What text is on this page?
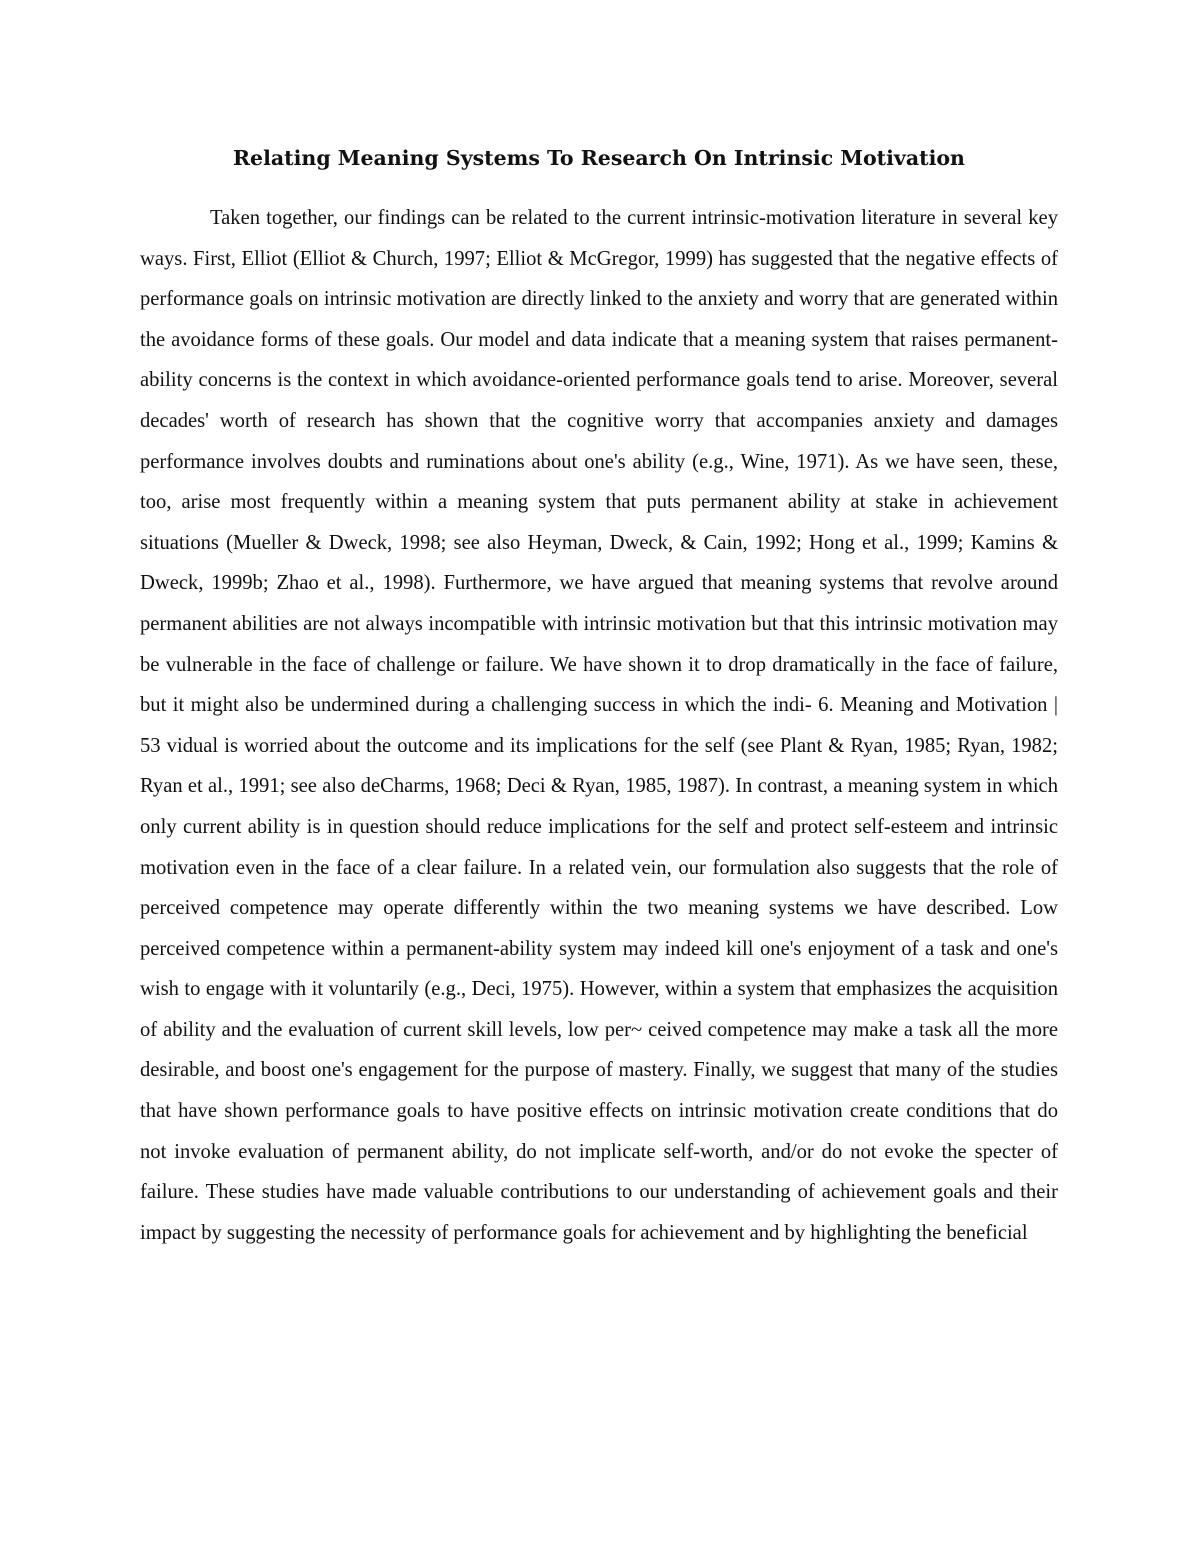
Relating Meaning Systems To Research On Intrinsic Motivation

Taken together, our findings can be related to the current intrinsic-motivation literature in several key ways. First, Elliot (Elliot & Church, 1997; Elliot & McGregor, 1999) has suggested that the negative effects of performance goals on intrinsic motivation are directly linked to the anxiety and worry that are generated within the avoidance forms of these goals. Our model and data indicate that a meaning system that raises permanent-ability concerns is the context in which avoidance-oriented performance goals tend to arise. Moreover, several decades' worth of research has shown that the cognitive worry that accompanies anxiety and damages performance involves doubts and ruminations about one's ability (e.g., Wine, 1971). As we have seen, these, too, arise most frequently within a meaning system that puts permanent ability at stake in achievement situations (Mueller & Dweck, 1998; see also Heyman, Dweck, & Cain, 1992; Hong et al., 1999; Kamins & Dweck, 1999b; Zhao et al., 1998). Furthermore, we have argued that meaning systems that revolve around permanent abilities are not always incompatible with intrinsic motivation but that this intrinsic motivation may be vulnerable in the face of challenge or failure. We have shown it to drop dramatically in the face of failure, but it might also be undermined during a challenging success in which the indi- 6. Meaning and Motivation | 53 vidual is worried about the outcome and its implications for the self (see Plant & Ryan, 1985; Ryan, 1982; Ryan et al., 1991; see also deCharms, 1968; Deci & Ryan, 1985, 1987). In contrast, a meaning system in which only current ability is in question should reduce implications for the self and protect self-esteem and intrinsic motivation even in the face of a clear failure. In a related vein, our formulation also suggests that the role of perceived competence may operate differently within the two meaning systems we have described. Low perceived competence within a permanent-ability system may indeed kill one's enjoyment of a task and one's wish to engage with it voluntarily (e.g., Deci, 1975). However, within a system that emphasizes the acquisition of ability and the evaluation of current skill levels, low per~ ceived competence may make a task all the more desirable, and boost one's engagement for the purpose of mastery. Finally, we suggest that many of the studies that have shown performance goals to have positive effects on intrinsic motivation create conditions that do not invoke evaluation of permanent ability, do not implicate self-worth, and/or do not evoke the specter of failure. These studies have made valuable contributions to our understanding of achievement goals and their impact by suggesting the necessity of performance goals for achievement and by highlighting the beneficial
